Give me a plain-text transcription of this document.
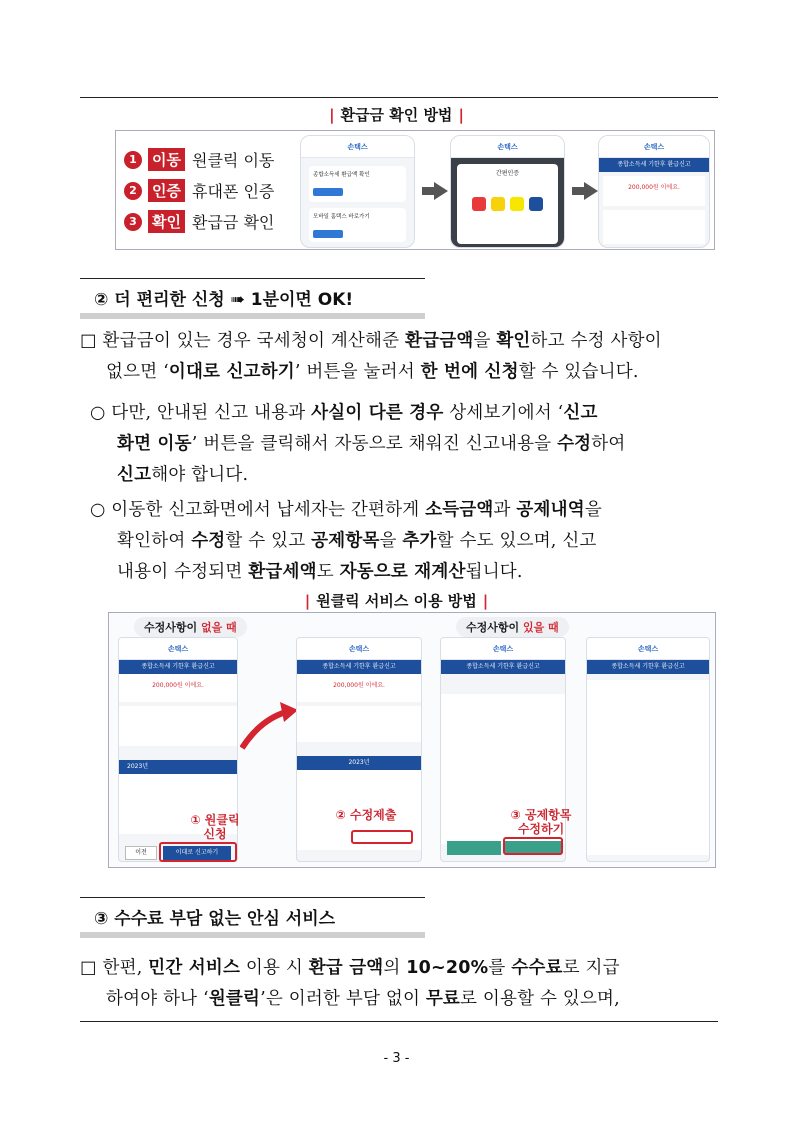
| 환급금 확인 방법 |
1	이동 원클릭 이동
2	인증 휴대폰 인증
3	확인 환급금 확인
손택스
종합소득세 환급액 확인
모바일 홈택스 바로가기
손택스
간편인증
손택스
종합소득세 기한후 환급신고
200,000원 이에요.
② 더 편리한 신청 ➠ 1분이면 OK!
□ 환급금이 있는 경우 국세청이 계산해준 환급금액을 확인하고 수정 사항이
없으면 ‘이대로 신고하기’ 버튼을 눌러서 한 번에 신청할 수 있습니다.
○ 다만, 안내된 신고 내용과 사실이 다른 경우 상세보기에서 ‘신고
화면 이동’ 버튼을 클릭해서 자동으로 채워진 신고내용을 수정하여
신고해야 합니다.
○ 이동한 신고화면에서 납세자는 간편하게 소득금액과 공제내역을
확인하여 수정할 수 있고 공제항목을 추가할 수도 있으며, 신고
내용이 수정되면 환급세액도 자동으로 재계산됩니다.
| 원클릭 서비스 이용 방법 |
수정사항이 없을 때	수정사항이 있을 때
손택스
종합소득세 기한후 환급신고
200,000원 이에요.
2023년
이대로 신고하기
이전
① 원클릭
신청
손택스
종합소득세 기한후 환급신고
200,000원 이에요.
2023년
② 수정제출
손택스
종합소득세 기한후 환급신고
③ 공제항목
수정하기
손택스
종합소득세 기한후 환급신고
③ 수수료 부담 없는 안심 서비스
□ 한편, 민간 서비스 이용 시 환급 금액의 10~20%를 수수료로 지급
하여야 하나 ‘원클릭’은 이러한 부담 없이 무료로 이용할 수 있으며,
- 3 -
